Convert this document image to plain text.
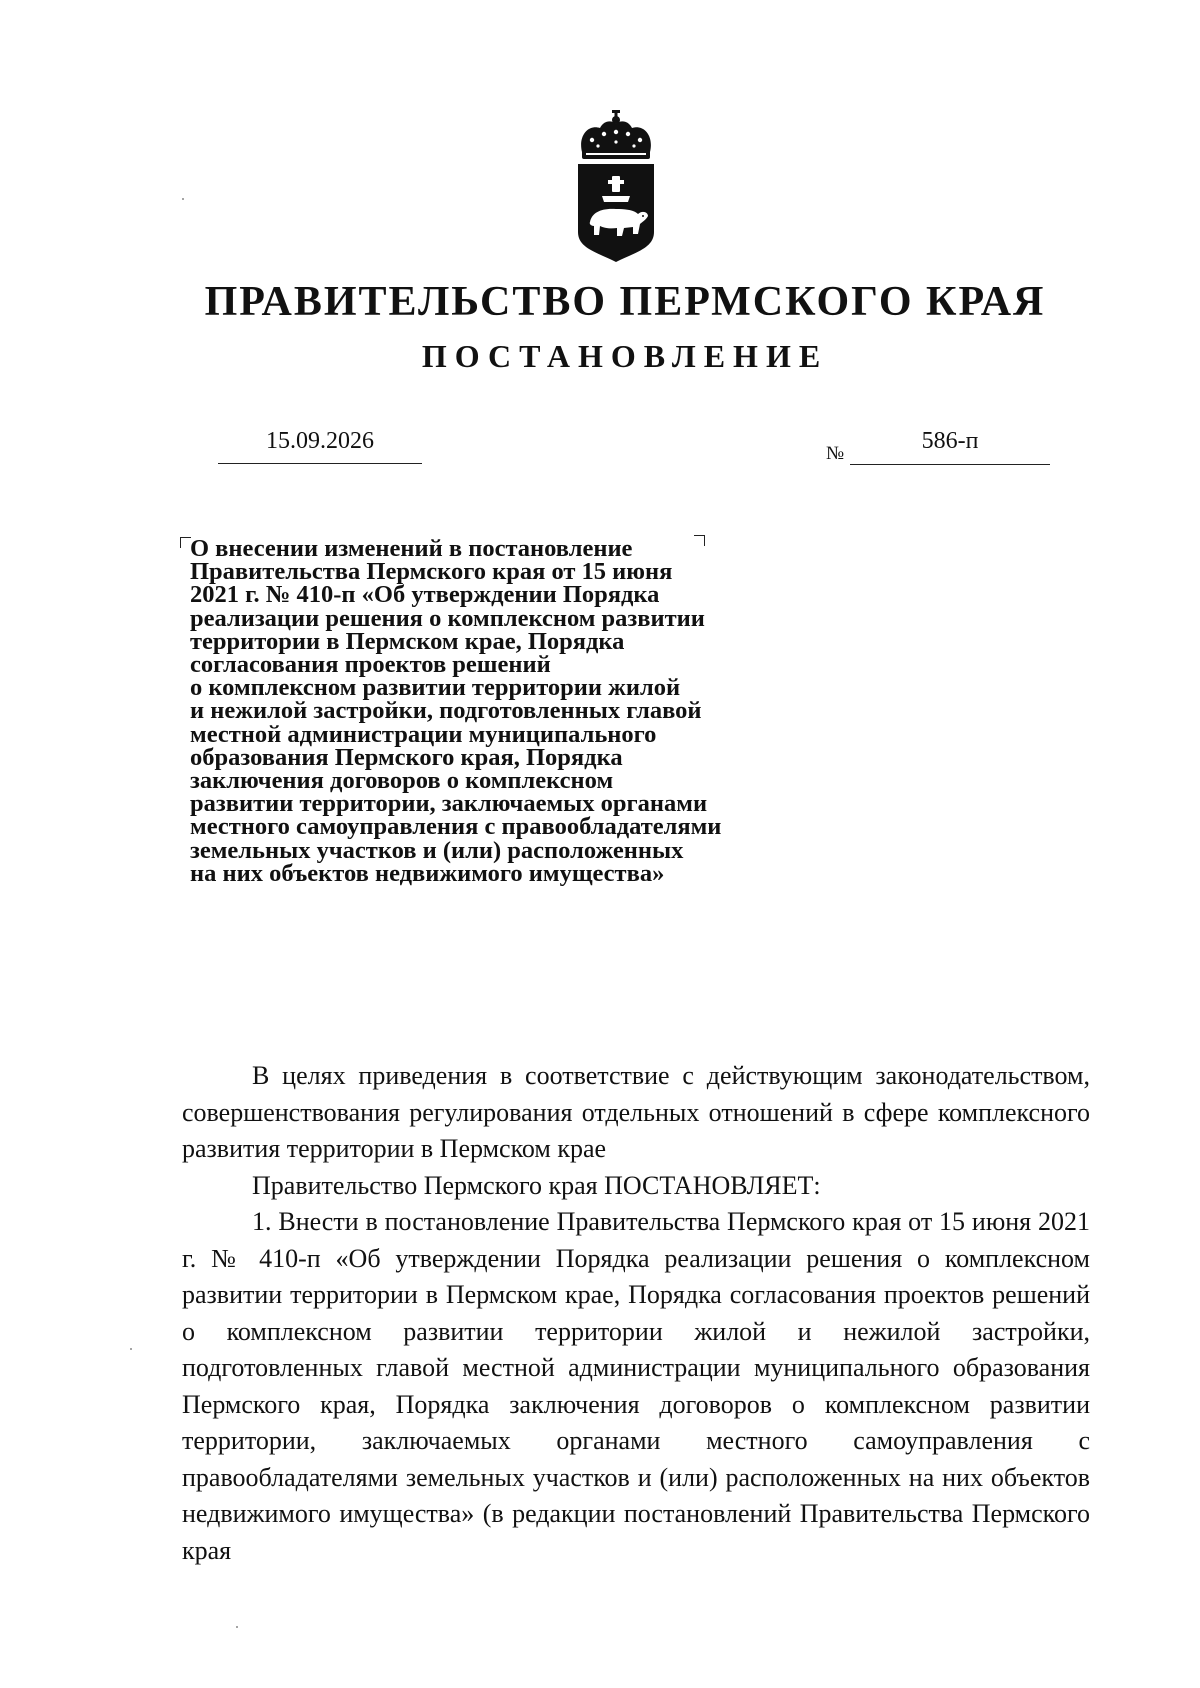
ПРАВИТЕЛЬСТВО ПЕРМСКОГО КРАЯ
ПОСТАНОВЛЕНИЕ
15.09.2026	№	586-п
О внесении изменений в постановление
Правительства Пермского края от 15 июня
2021 г. № 410-п «Об утверждении Порядка
реализации решения о комплексном развитии
территории в Пермском крае, Порядка
согласования проектов решений
о комплексном развитии территории жилой
и нежилой застройки, подготовленных главой
местной администрации муниципального
образования Пермского края, Порядка
заключения договоров о комплексном
развитии территории, заключаемых органами
местного самоуправления с правообладателями
земельных участков и (или) расположенных
на них объектов недвижимого имущества»

В целях приведения в соответствие с действующим законодательством, совершенствования регулирования отдельных отношений в сфере комплексного развития территории в Пермском крае

Правительство Пермского края ПОСТАНОВЛЯЕТ:

1. Внести в постановление Правительства Пермского края от 15 июня 2021 г. № 410-п «Об утверждении Порядка реализации решения о комплексном развитии территории в Пермском крае, Порядка согласования проектов решений о комплексном развитии территории жилой и нежилой застройки, подготовленных главой местной администрации муниципального образования Пермского края, Порядка заключения договоров о комплексном развитии территории, заключаемых органами местного самоуправления с правообладателями земельных участков и (или) расположенных на них объектов недвижимого имущества» (в редакции постановлений Правительства Пермского края
